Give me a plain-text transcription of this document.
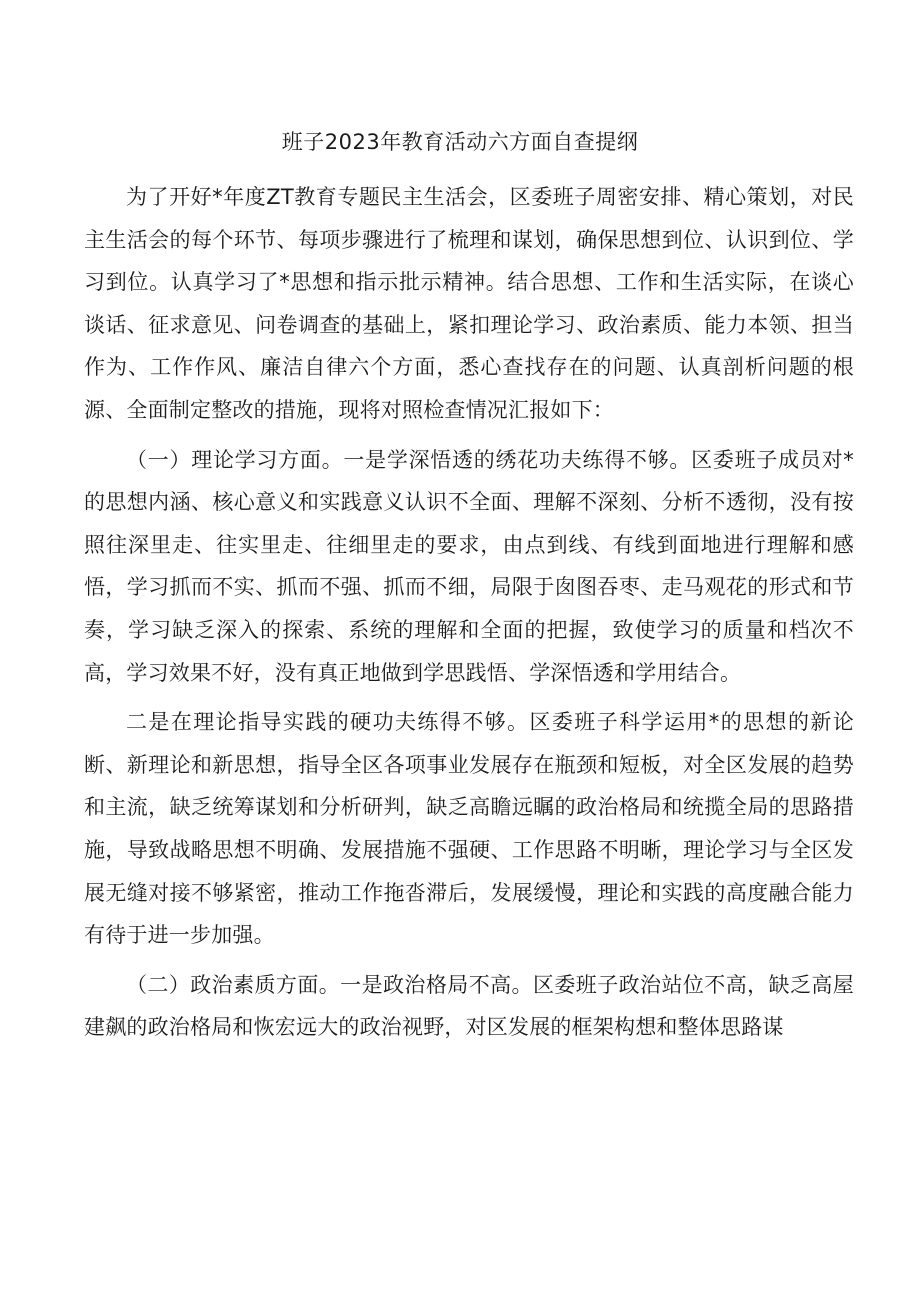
班子2023年教育活动六方面自查提纲

为了开好*年度ZT教育专题民主生活会，区委班子周密安排、精心策划，对民主生活会的每个环节、每项步骤进行了梳理和谋划，确保思想到位、认识到位、学习到位。认真学习了*思想和指示批示精神。结合思想、工作和生活实际，在谈心谈话、征求意见、问卷调查的基础上，紧扣理论学习、政治素质、能力本领、担当作为、工作作风、廉洁自律六个方面，悉心查找存在的问题、认真剖析问题的根源、全面制定整改的措施，现将对照检查情况汇报如下：

（一）理论学习方面。一是学深悟透的绣花功夫练得不够。区委班子成员对*的思想内涵、核心意义和实践意义认识不全面、理解不深刻、分析不透彻，没有按照往深里走、往实里走、往细里走的要求，由点到线、有线到面地进行理解和感悟，学习抓而不实、抓而不强、抓而不细，局限于囱图吞枣、走马观花的形式和节奏，学习缺乏深入的探索、系统的理解和全面的把握，致使学习的质量和档次不高，学习效果不好，没有真正地做到学思践悟、学深悟透和学用结合。

二是在理论指导实践的硬功夫练得不够。区委班子科学运用*的思想的新论断、新理论和新思想，指导全区各项事业发展存在瓶颈和短板，对全区发展的趋势和主流，缺乏统筹谋划和分析研判，缺乏高瞻远瞩的政治格局和统揽全局的思路措施，导致战略思想不明确、发展措施不强硬、工作思路不明晰，理论学习与全区发展无缝对接不够紧密，推动工作拖沓滞后，发展缓慢，理论和实践的高度融合能力有待于进一步加强。

（二）政治素质方面。一是政治格局不高。区委班子政治站位不高，缺乏高屋建飙的政治格局和恢宏远大的政治视野，对区发展的框架构想和整体思路谋
